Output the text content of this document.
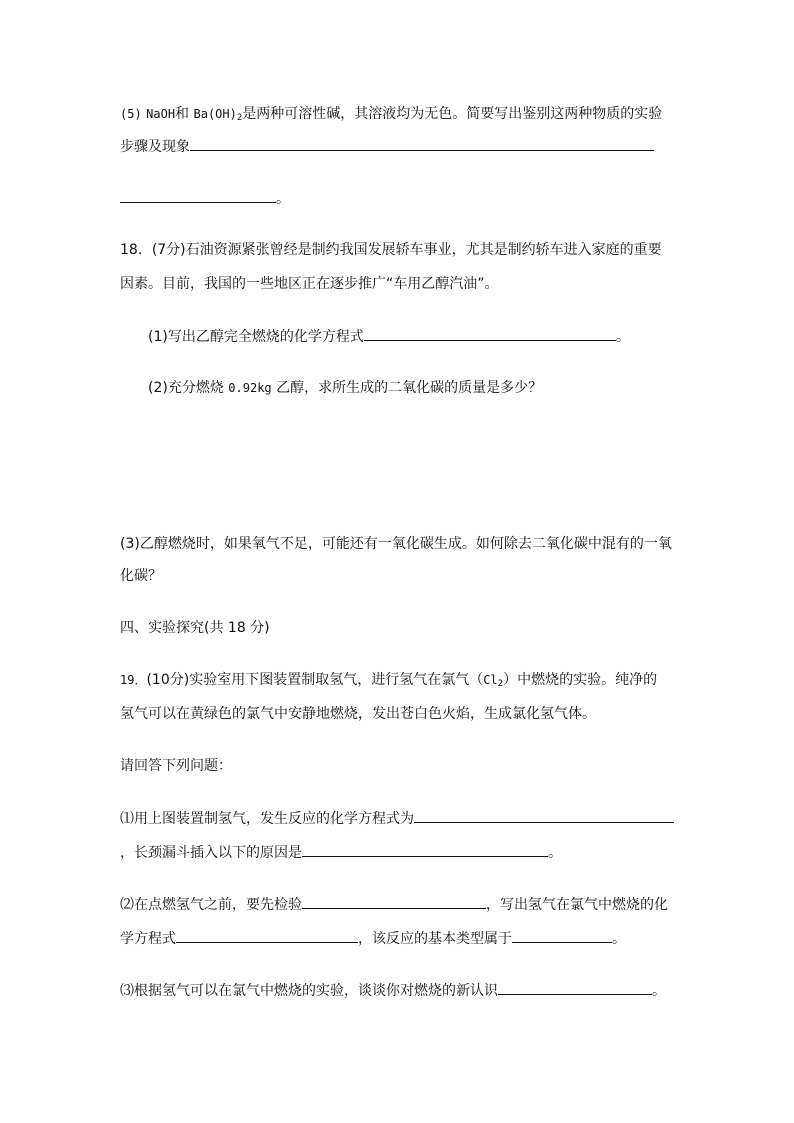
(5) NaOH和 $Ba(OH)_2$是两种可溶性碱，其溶液均为无色。简要写出鉴别这两种物质的实验
步骤及现象
。
18．(7分)石油资源紧张曾经是制约我国发展轿车事业，尤其是制约轿车进入家庭的重要
因素。目前，我国的一些地区正在逐步推广“车用乙醇汽油”。
(1)写出乙醇完全燃烧的化学方程式	。
(2)充分燃烧 0.92kg 乙醇，求所生成的二氧化碳的质量是多少？
(3)乙醇燃烧时，如果氧气不足，可能还有一氧化碳生成。如何除去二氧化碳中混有的一氧
化碳？
四、实验探究(共 18 分)
19．(10分)实验室用下图装置制取氢气，进行氢气在氯气$(Cl_2)$中燃烧的实验。纯净的
氢气可以在黄绿色的氯气中安静地燃烧，发出苍白色火焰，生成氯化氢气体。
请回答下列问题：
⑴用上图装置制氢气，发生反应的化学方程式为
，长颈漏斗插入以下的原因是	。
⑵在点燃氢气之前，要先检验	，写出氢气在氯气中燃烧的化
学方程式	，该反应的基本类型属于	。
⑶根据氢气可以在氯气中燃烧的实验，谈谈你对燃烧的新认识	。
